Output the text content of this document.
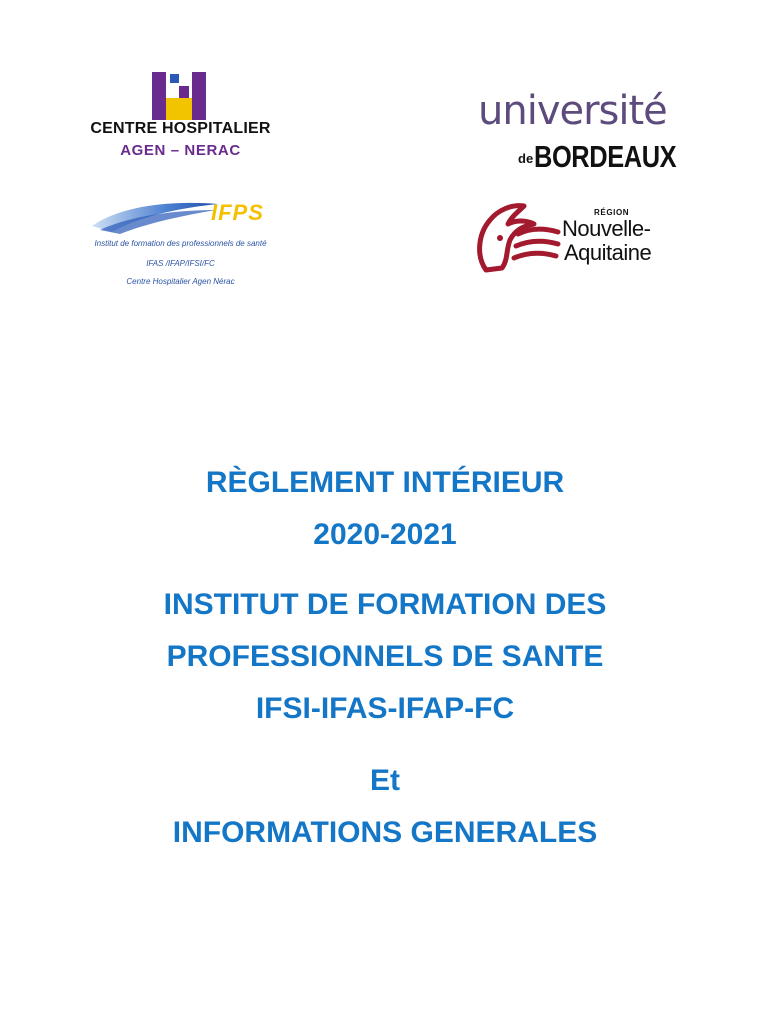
CENTRE HOSPITALIER
AGEN – NERAC
université
de BORDEAUX
IFPS
Institut de formation des professionnels de santé
IFAS /IFAP/IFSI/FC
Centre Hospitalier Agen Nérac
RÉGION
Nouvelle-
Aquitaine
RÈGLEMENT INTÉRIEUR
2020-2021
INSTITUT DE FORMATION DES
PROFESSIONNELS DE SANTE
IFSI-IFAS-IFAP-FC
Et
INFORMATIONS GENERALES
